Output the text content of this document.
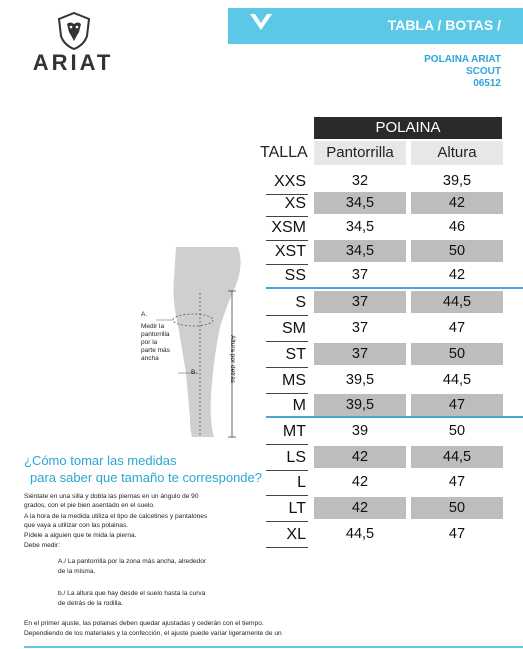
ARIAT
TABLA / BOTAS /
POLAINA ARIAT
SCOUT
06512
POLAINA
TALLA	Pantorrilla	Altura
XXS	32	39,5
XS	34,5	42
XSM	34,5	46
XST	34,5	50
SS	37	42
S	37	44,5
SM	37	47
ST	37	50
MS	39,5	44,5
M	39,5	47
MT	39	50
LS	42	44,5
L	42	47
LT	42	50
XL	44,5	47
A.
Medir la
pantorrilla
por la
parte más
ancha
B.	Altura por detrás
¿Cómo tomar las medidas
para saber que tamaño te corresponde?
Siéntate en una silla y dobla las piernas en un ángulo de 90
grados, con el pie bien asentado en el suelo.
A la hora de la medida utiliza el tipo de calcetines y pantalones
que vaya a utilizar con las polainas.
Pídele a alguien que te mida la pierna.
Debe medir:
A./ La pantorrilla por la zona más ancha, alrededor
de la misma.
b./ La altura que hay desde el suelo hasta la curva
de detrás de la rodilla.
En el primer ajuste, las polainas deben quedar ajustadas y cederán con el tiempo.
Dependiendo de los materiales y la confección, el ajuste puede variar ligeramente de un
